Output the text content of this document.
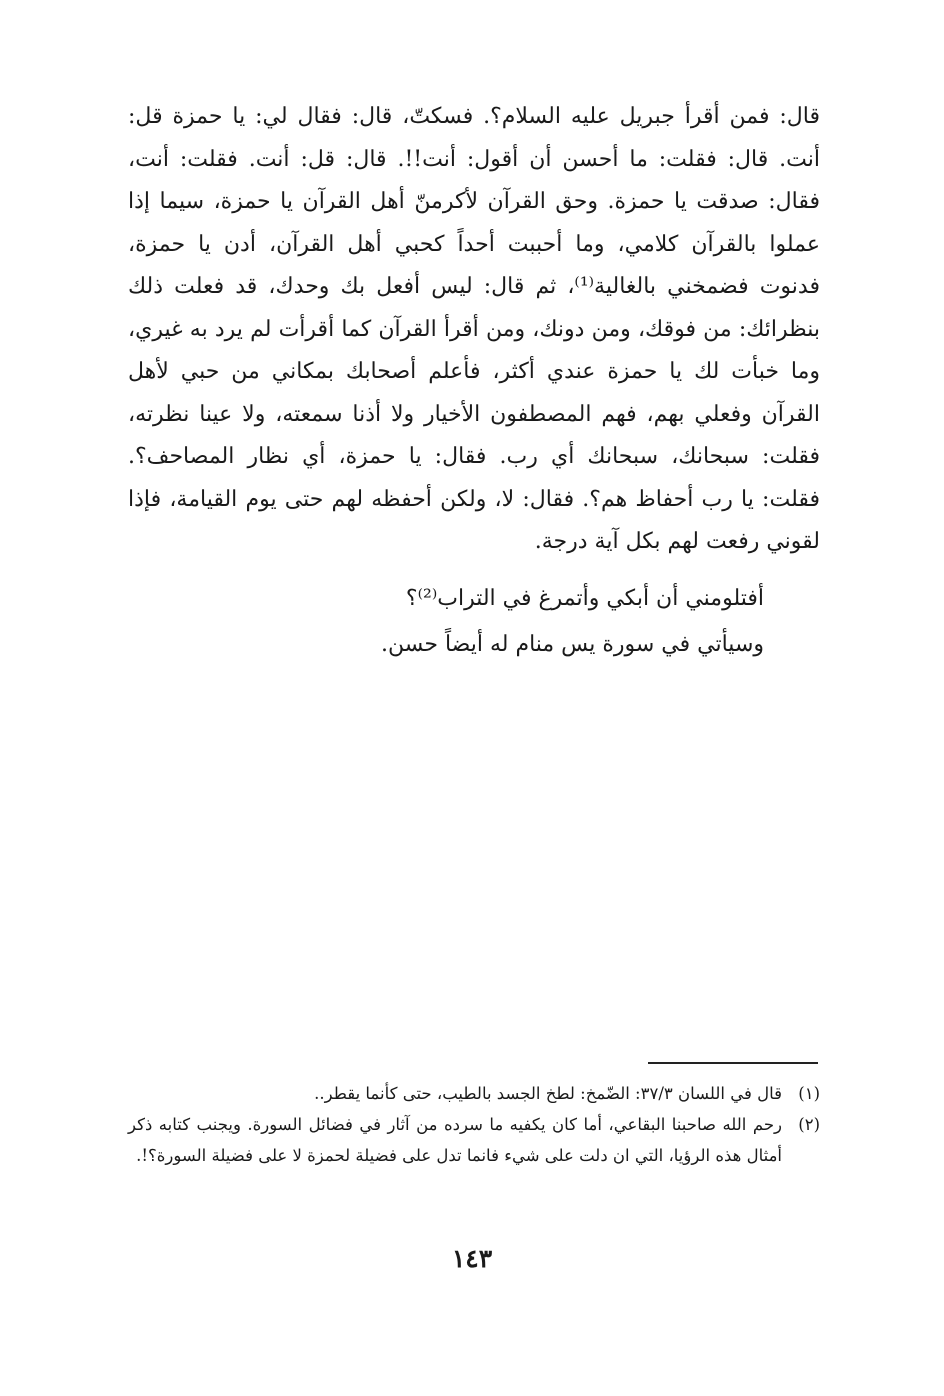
قال: فمن أقرأ جبريل عليه السلام؟. فسكتّ، قال: فقال لي: يا حمزة قل: أنت. قال: فقلت: ما أحسن أن أقول: أنت!!. قال: قل: أنت. فقلت: أنت، فقال: صدقت يا حمزة. وحق القرآن لأكرمنّ أهل القرآن يا حمزة، سيما إذا عملوا بالقرآن كلامي، وما أحببت أحداً كحبي أهل القرآن، أدن يا حمزة، فدنوت فضمخني بالغالية⁽¹⁾، ثم قال: ليس أفعل بك وحدك، قد فعلت ذلك بنظرائك: من فوقك، ومن دونك، ومن أقرأ القرآن كما أقرأت لم يرد به غيري، وما خبأت لك يا حمزة عندي أكثر، فأعلم أصحابك بمكاني من حبي لأهل القرآن وفعلي بهم، فهم المصطفون الأخيار ولا أذنا سمعته، ولا عينا نظرته، فقلت: سبحانك، سبحانك أي رب. فقال: يا حمزة، أي نظار المصاحف؟. فقلت: يا رب أحفاظ هم؟. فقال: لا، ولكن أحفظه لهم حتى يوم القيامة، فإذا لقوني رفعت لهم بكل آية درجة.

أفتلومني أن أبكي وأتمرغ في التراب⁽²⁾؟

وسيأتي في سورة يس منام له أيضاً حسن.

(١)
قال في اللسان ٣٧/٣: الضّمخ: لطخ الجسد بالطيب، حتى كأنما يقطر..
(٢)
رحم الله صاحبنا البقاعي، أما كان يكفيه ما سرده من آثار في فضائل السورة. ويجنب كتابه ذكر أمثال هذه الرؤيا، التي ان دلت على شيء فانما تدل على فضيلة لحمزة لا على فضيلة السورة؟!.
١٤٣
